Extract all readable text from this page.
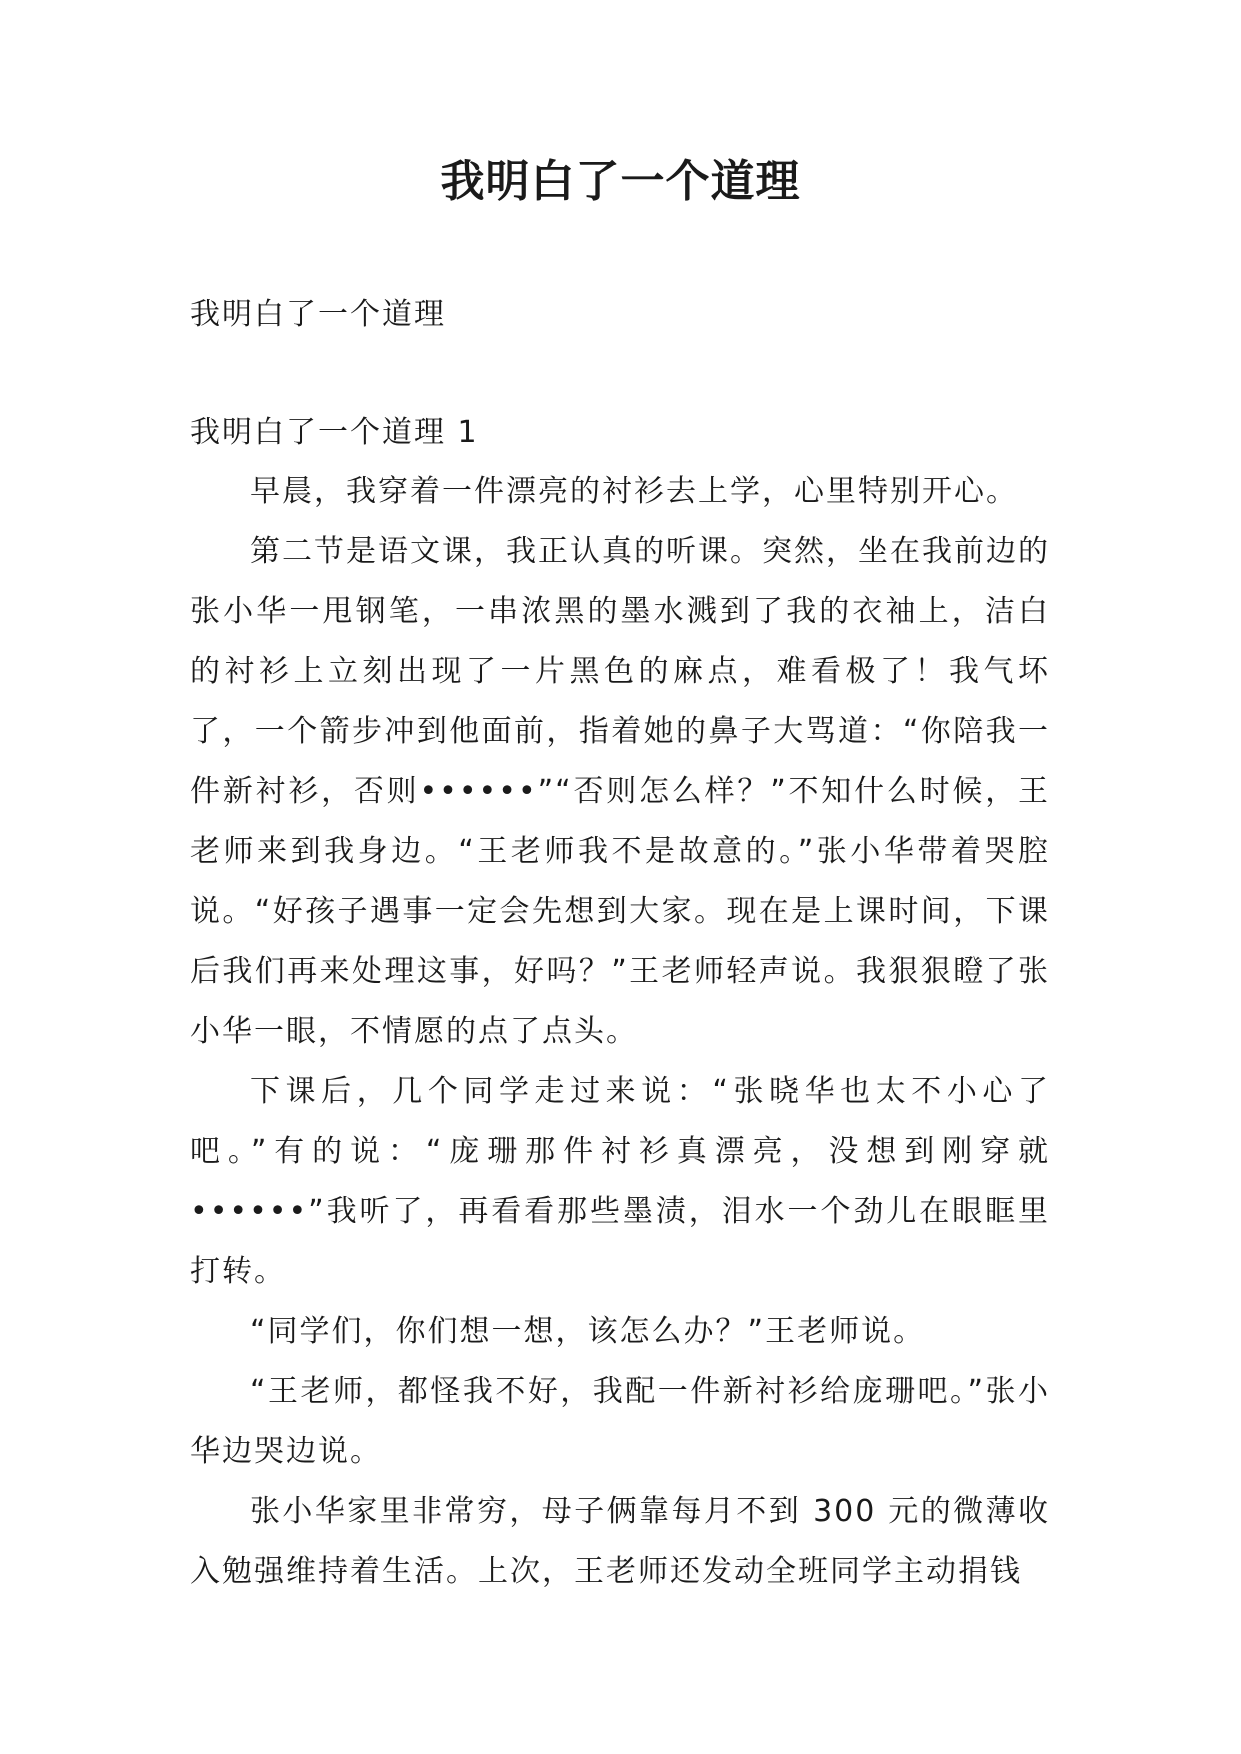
我明白了一个道理
我明白了一个道理
我明白了一个道理 1

早晨，我穿着一件漂亮的衬衫去上学，心里特别开心。

第二节是语文课，我正认真的听课。突然，坐在我前边的张小华一甩钢笔，一串浓黑的墨水溅到了我的衣袖上，洁白的衬衫上立刻出现了一片黑色的麻点，难看极了！我气坏了，一个箭步冲到他面前，指着她的鼻子大骂道：“你陪我一件新衬衫，否则••••••”“否则怎么样？”不知什么时候，王老师来到我身边。“王老师我不是故意的。”张小华带着哭腔说。“好孩子遇事一定会先想到大家。现在是上课时间，下课后我们再来处理这事，好吗？”王老师轻声说。我狠狠瞪了张小华一眼，不情愿的点了点头。

下课后，几个同学走过来说：“张晓华也太不小心了吧。”有的说：“庞珊那件衬衫真漂亮，没想到刚穿就••••••”我听了，再看看那些墨渍，泪水一个劲儿在眼眶里打转。

“同学们，你们想一想，该怎么办？”王老师说。

“王老师，都怪我不好，我配一件新衬衫给庞珊吧。”张小华边哭边说。

张小华家里非常穷，母子俩靠每月不到 300 元的微薄收入勉强维持着生活。上次，王老师还发动全班同学主动捐钱
